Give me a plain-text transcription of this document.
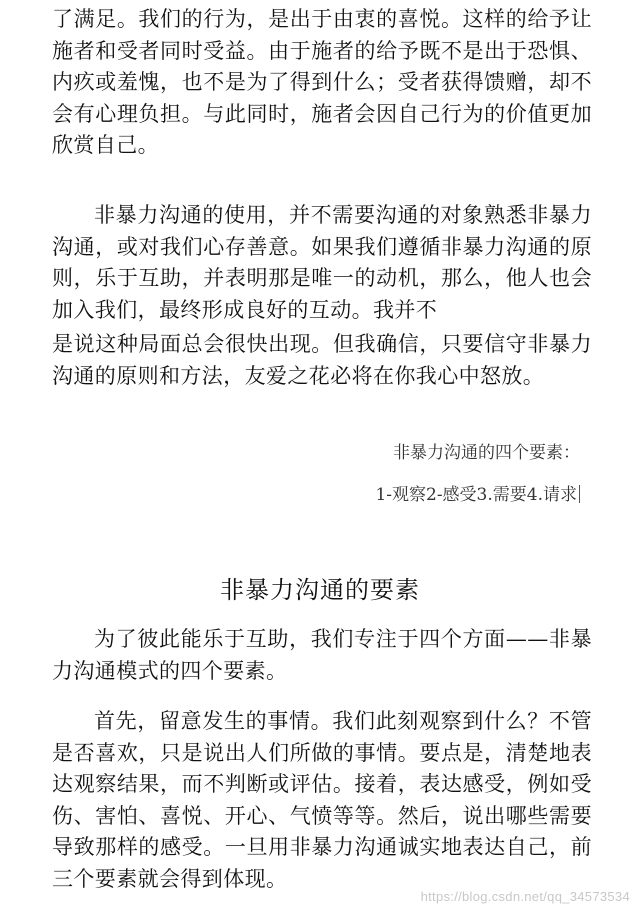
了满足。我们的行为，是出于由衷的喜悦。这样的给予让施者和受者同时受益。由于施者的给予既不是出于恐惧、内疚或羞愧，也不是为了得到什么；受者获得馈赠，却不会有心理负担。与此同时，施者会因自己行为的价值更加欣赏自己。

非暴力沟通的使用，并不需要沟通的对象熟悉非暴力沟通，或对我们心存善意。如果我们遵循非暴力沟通的原则，乐于互助，并表明那是唯一的动机，那么，他人也会加入我们，最终形成良好的互动。我并不

是说这种局面总会很快出现。但我确信，只要信守非暴力沟通的原则和方法，友爱之花必将在你我心中怒放。

非暴力沟通的四个要素：
1-观察2-感受3.需要4.请求
非暴力沟通的要素

为了彼此能乐于互助，我们专注于四个方面——非暴力沟通模式的四个要素。

首先，留意发生的事情。我们此刻观察到什么？不管是否喜欢，只是说出人们所做的事情。要点是，清楚地表达观察结果，而不判断或评估。接着，表达感受，例如受伤、害怕、喜悦、开心、气愤等等。然后，说出哪些需要导致那样的感受。一旦用非暴力沟通诚实地表达自己，前三个要素就会得到体现。

https://blog.csdn.net/qq_34573534
